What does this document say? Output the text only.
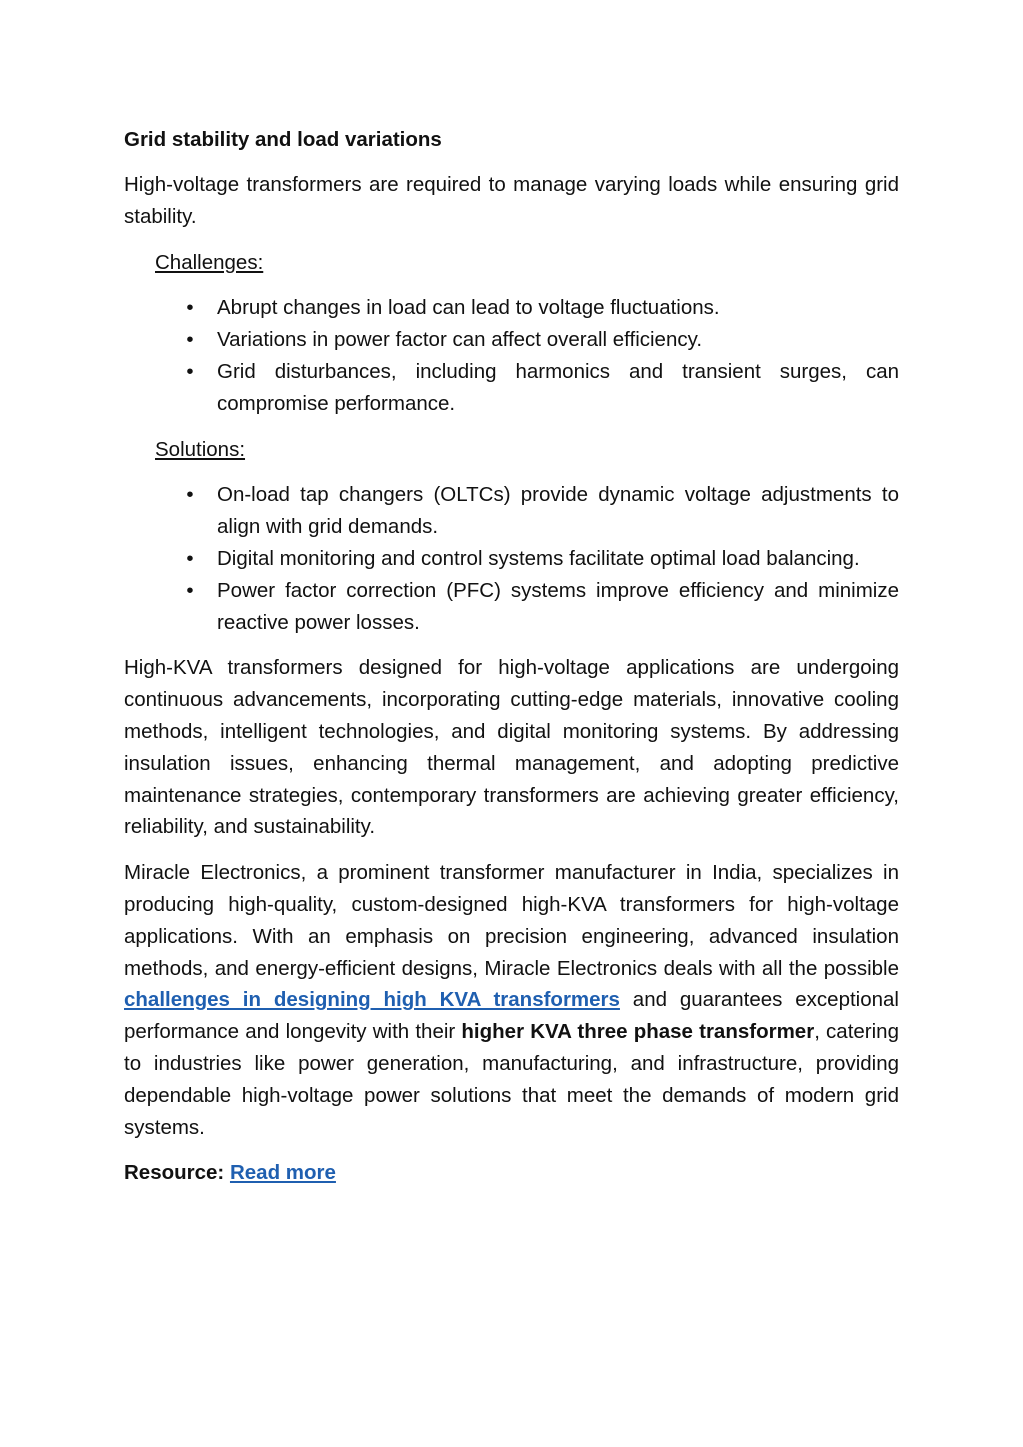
Grid stability and load variations

High-voltage transformers are required to manage varying loads while ensuring grid stability.

Challenges:
• Abrupt changes in load can lead to voltage fluctuations.
• Variations in power factor can affect overall efficiency.
• Grid disturbances, including harmonics and transient surges, can compromise performance.
Solutions:
• On-load tap changers (OLTCs) provide dynamic voltage adjustments to align with grid demands.
• Digital monitoring and control systems facilitate optimal load balancing.
• Power factor correction (PFC) systems improve efficiency and minimize reactive power losses.

High-KVA transformers designed for high-voltage applications are undergoing continuous advancements, incorporating cutting-edge materials, innovative cooling methods, intelligent technologies, and digital monitoring systems. By addressing insulation issues, enhancing thermal management, and adopting predictive maintenance strategies, contemporary transformers are achieving greater efficiency, reliability, and sustainability.

Miracle Electronics, a prominent transformer manufacturer in India, specializes in producing high-quality, custom-designed high-KVA transformers for high-voltage applications. With an emphasis on precision engineering, advanced insulation methods, and energy-efficient designs, Miracle Electronics deals with all the possible challenges in designing high KVA transformers and guarantees exceptional performance and longevity with their higher KVA three phase transformer, catering to industries like power generation, manufacturing, and infrastructure, providing dependable high-voltage power solutions that meet the demands of modern grid systems.

Resource: Read more
